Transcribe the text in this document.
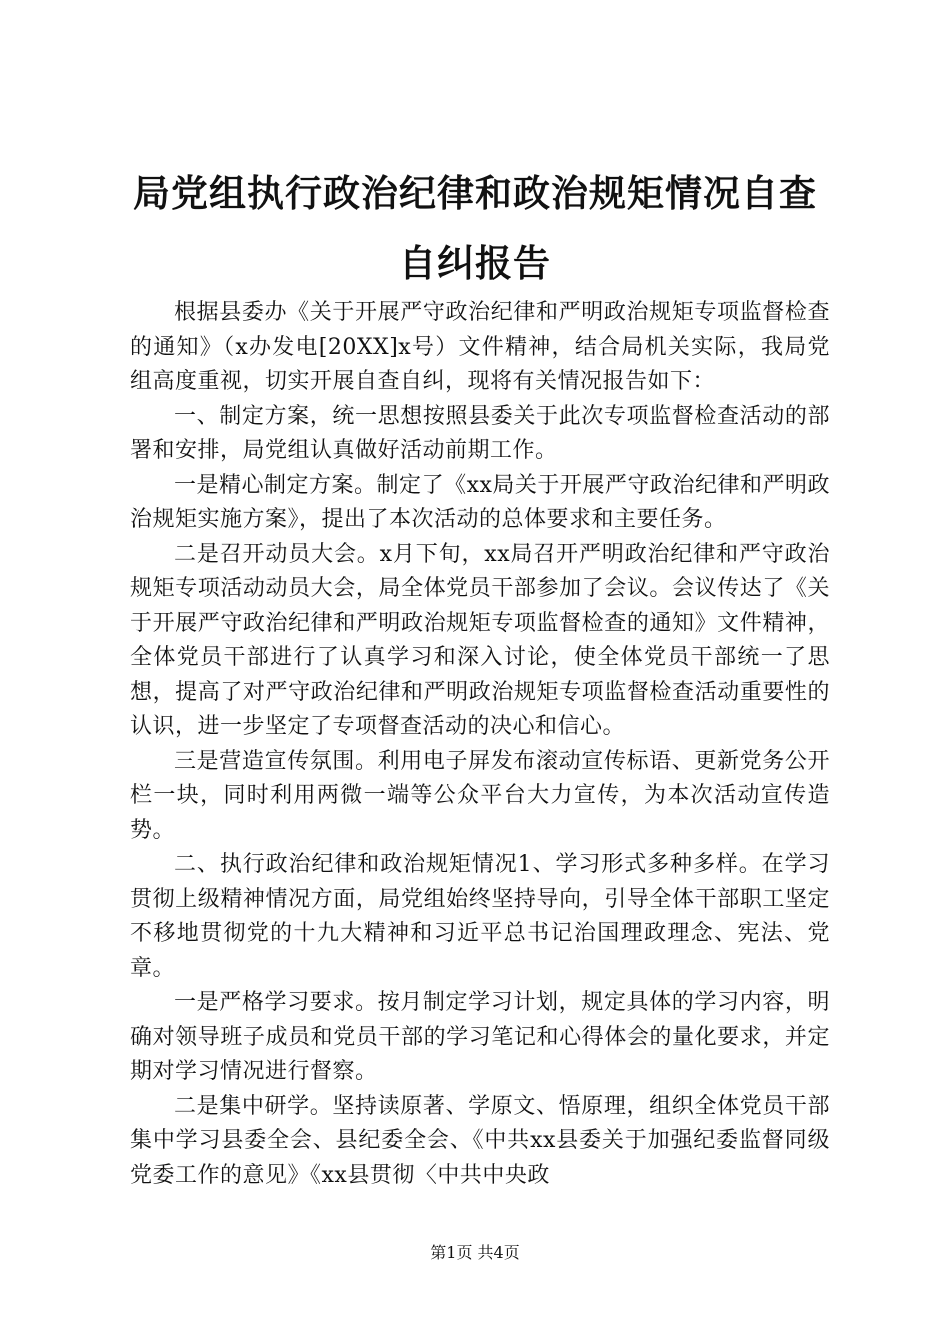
局党组执行政治纪律和政治规矩情况自查自纠报告

根据县委办《关于开展严守政治纪律和严明政治规矩专项监督检查的通知》（x办发电[20XX]x号）文件精神，结合局机关实际，我局党组高度重视，切实开展自查自纠，现将有关情况报告如下：

一、制定方案，统一思想按照县委关于此次专项监督检查活动的部署和安排，局党组认真做好活动前期工作。

一是精心制定方案。制定了《xx局关于开展严守政治纪律和严明政治规矩实施方案》，提出了本次活动的总体要求和主要任务。

二是召开动员大会。x月下旬，xx局召开严明政治纪律和严守政治规矩专项活动动员大会，局全体党员干部参加了会议。会议传达了《关于开展严守政治纪律和严明政治规矩专项监督检查的通知》文件精神，全体党员干部进行了认真学习和深入讨论，使全体党员干部统一了思想，提高了对严守政治纪律和严明政治规矩专项监督检查活动重要性的认识，进一步坚定了专项督查活动的决心和信心。

三是营造宣传氛围。利用电子屏发布滚动宣传标语、更新党务公开栏一块，同时利用两微一端等公众平台大力宣传，为本次活动宣传造势。

二、执行政治纪律和政治规矩情况1、学习形式多种多样。在学习贯彻上级精神情况方面，局党组始终坚持导向，引导全体干部职工坚定不移地贯彻党的十九大精神和习近平总书记治国理政理念、宪法、党章。

一是严格学习要求。按月制定学习计划，规定具体的学习内容，明确对领导班子成员和党员干部的学习笔记和心得体会的量化要求，并定期对学习情况进行督察。

二是集中研学。坚持读原著、学原文、悟原理，组织全体党员干部集中学习县委全会、县纪委全会、《中共xx县委关于加强纪委监督同级党委工作的意见》《xx县贯彻〈中共中央政

第1页 共4页
